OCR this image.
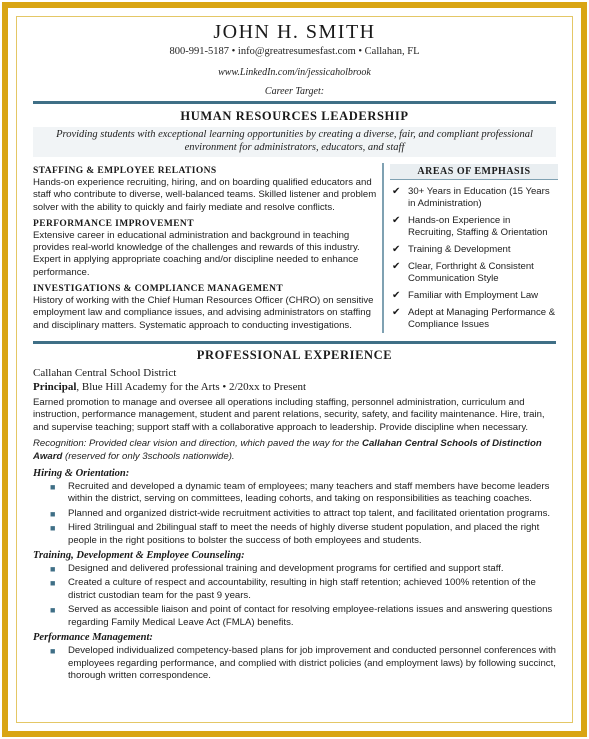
JOHN H. SMITH
800-991-5187 • info@greatresumesfast.com • Callahan, FL
www.LinkedIn.com/in/jessicaholbrook
Career Target:
HUMAN RESOURCES LEADERSHIP
Providing students with exceptional learning opportunities by creating a diverse, fair, and compliant professional environment for administrators, educators, and staff
STAFFING & EMPLOYEE RELATIONS
Hands-on experience recruiting, hiring, and on boarding qualified educators and staff who contribute to diverse, well-balanced teams. Skilled listener and problem solver with the ability to quickly and fairly mediate and resolve conflicts.
PERFORMANCE IMPROVEMENT
Extensive career in educational administration and background in teaching provides real-world knowledge of the challenges and rewards of this industry. Expert in applying appropriate coaching and/or discipline needed to enhance performance.
INVESTIGATIONS & COMPLIANCE MANAGEMENT
History of working with the Chief Human Resources Officer (CHRO) on sensitive employment law and compliance issues, and advising administrators on staffing and disciplinary matters. Systematic approach to conducting investigations.
AREAS OF EMPHASIS
✔ 30+ Years in Education (15 Years in Administration)
✔ Hands-on Experience in Recruiting, Staffing & Orientation
✔ Training & Development
✔ Clear, Forthright & Consistent Communication Style
✔ Familiar with Employment Law
✔ Adept at Managing Performance & Compliance Issues
PROFESSIONAL EXPERIENCE
Callahan Central School District
Principal, Blue Hill Academy for the Arts • 2/20xx to Present
Earned promotion to manage and oversee all operations including staffing, personnel administration, curriculum and instruction, performance management, student and parent relations, security, safety, and facility maintenance. Hire, train, and supervise teaching; support staff with a collaborative approach to leadership. Provide discipline when necessary.
Recognition: Provided clear vision and direction, which paved the way for the Callahan Central Schools of Distinction Award (reserved for only 3schools nationwide).
Hiring & Orientation:
■ Recruited and developed a dynamic team of employees; many teachers and staff members have become leaders within the district, serving on committees, leading cohorts, and taking on responsibilities as teaching coaches.
■ Planned and organized district-wide recruitment activities to attract top talent, and facilitated orientation programs.
■ Hired 3trilingual and 2bilingual staff to meet the needs of highly diverse student population, and placed the right people in the right positions to bolster the success of both employees and students.
Training, Development & Employee Counseling:
■ Designed and delivered professional training and development programs for certified and support staff.
■ Created a culture of respect and accountability, resulting in high staff retention; achieved 100% retention of the district custodian team for the past 9 years.
■ Served as accessible liaison and point of contact for resolving employee-relations issues and answering questions regarding Family Medical Leave Act (FMLA) benefits.
Performance Management:
■ Developed individualized competency-based plans for job improvement and conducted personnel conferences with employees regarding performance, and complied with district policies (and employment laws) by following succinct, thorough written correspondence.
